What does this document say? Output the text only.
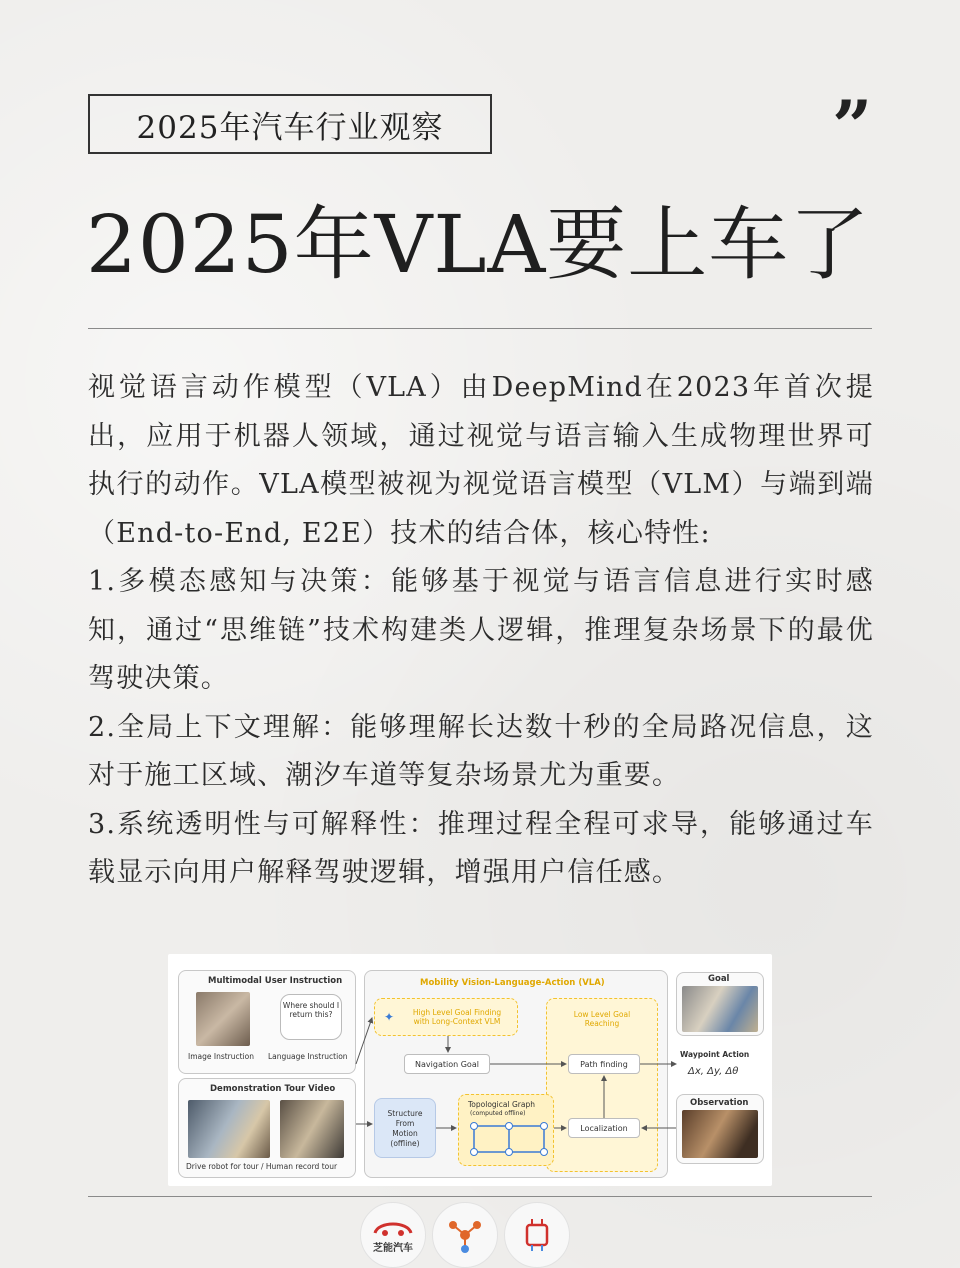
2025年汽车行业观察	”
2025年VLA要上车了

视觉语言动作模型（VLA）由DeepMind在2023年首次提出，应用于机器人领域，通过视觉与语言输入生成物理世界可执行的动作。VLA模型被视为视觉语言模型（VLM）与端到端（End-to-End, E2E）技术的结合体，核心特性:

1.多模态感知与决策：能够基于视觉与语言信息进行实时感知，通过“思维链”技术构建类人逻辑，推理复杂场景下的最优驾驶决策。

2.全局上下文理解：能够理解长达数十秒的全局路况信息，这对于施工区域、潮汐车道等复杂场景尤为重要。

3.系统透明性与可解释性：推理过程全程可求导，能够通过车载显示向用户解释驾驶逻辑，增强用户信任感。

Multimodal User Instruction
Where should I return this?
Image Instruction Language Instruction
Demonstration Tour Video
Drive robot for tour / Human record tour
Mobility Vision-Language-Action (VLA)
High Level Goal Finding with Long-Context VLM
✦	Low Level Goal Reaching
Navigation Goal	Path finding
Structure
From
Motion
(offline)
Topological Graph
(computed offline)
Localization
Goal
Waypoint Action
Δx, Δy, Δθ
Observation
芝能汽车
